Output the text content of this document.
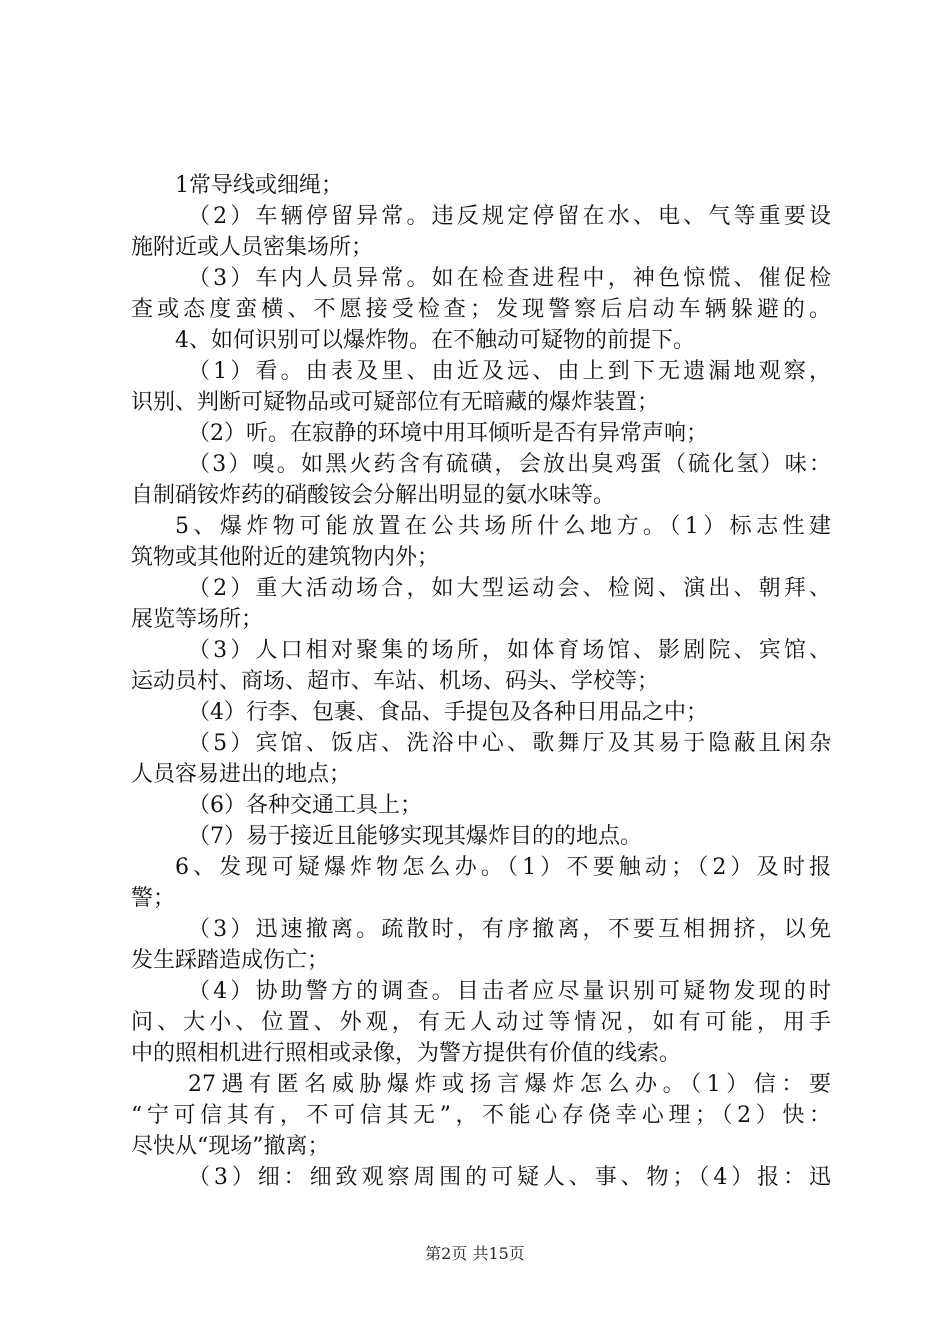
1常导线或细绳；
（2）车辆停留异常。违反规定停留在水、电、气等重要设
施附近或人员密集场所；
（3）车内人员异常。如在检查进程中，神色惊慌、催促检
查或态度蛮横、不愿接受检查；发现警察后启动车辆躲避的。
4、如何识别可以爆炸物。在不触动可疑物的前提下。
（1）看。由表及里、由近及远、由上到下无遗漏地观察，
识别、判断可疑物品或可疑部位有无暗藏的爆炸装置；
（2）听。在寂静的环境中用耳倾听是否有异常声响；
（3）嗅。如黑火药含有硫磺，会放出臭鸡蛋（硫化氢）味：
自制硝铵炸药的硝酸铵会分解出明显的氨水味等。
5、爆炸物可能放置在公共场所什么地方。（1）标志性建
筑物或其他附近的建筑物内外；
（2）重大活动场合，如大型运动会、检阅、演出、朝拜、
展览等场所；
（3）人口相对聚集的场所，如体育场馆、影剧院、宾馆、
运动员村、商场、超市、车站、机场、码头、学校等；
（4）行李、包裹、食品、手提包及各种日用品之中；
（5）宾馆、饭店、洗浴中心、歌舞厅及其易于隐蔽且闲杂
人员容易进出的地点；
（6）各种交通工具上；
（7）易于接近且能够实现其爆炸目的的地点。
6、发现可疑爆炸物怎么办。（1）不要触动；（2）及时报
警；
（3）迅速撤离。疏散时，有序撤离，不要互相拥挤，以免
发生踩踏造成伤亡；
（4）协助警方的调查。目击者应尽量识别可疑物发现的时
问、大小、位置、外观，有无人动过等情况，如有可能，用手
中的照相机进行照相或录像，为警方提供有价值的线索。
27遇有匿名威胁爆炸或扬言爆炸怎么办。（1）信：要
“宁可信其有，不可信其无”，不能心存侥幸心理；（2）快：
尽快从“现场”撤离；
（3）细：细致观察周围的可疑人、事、物；（4）报：迅
第2页 共15页
